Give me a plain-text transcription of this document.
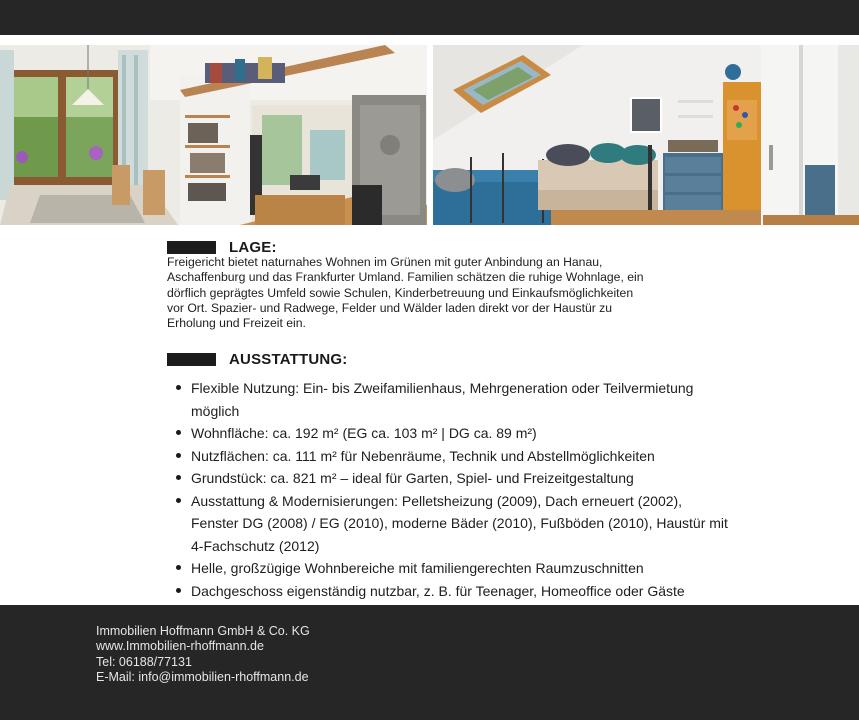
LAGE:
Freigericht bietet naturnahes Wohnen im Grünen mit guter Anbindung an Hanau, Aschaffenburg und das Frankfurter Umland. Familien schätzen die ruhige Wohnlage, ein dörflich geprägtes Umfeld sowie Schulen, Kinderbetreuung und Einkaufsmöglichkeiten vor Ort. Spazier- und Radwege, Felder und Wälder laden direkt vor der Haustür zu Erholung und Freizeit ein.
AUSSTATTUNG:
Flexible Nutzung: Ein- bis Zweifamilienhaus, Mehrgeneration oder Teilvermietung möglich
Wohnfläche: ca. 192 m² (EG ca. 103 m² | DG ca. 89 m²)
Nutzflächen: ca. 111 m² für Nebenräume, Technik und Abstellmöglichkeiten
Grundstück: ca. 821 m² – ideal für Garten, Spiel- und Freizeitgestaltung
Ausstattung & Modernisierungen: Pelletsheizung (2009), Dach erneuert (2002), Fenster DG (2008) / EG (2010), moderne Bäder (2010), Fußböden (2010), Haustür mit 4-Fachschutz (2012)
Helle, großzügige Wohnbereiche mit familiengerechten Raumzuschnitten
Dachgeschoss eigenständig nutzbar, z. B. für Teenager, Homeoffice oder Gäste
Immobilien Hoffmann GmbH & Co. KG
www.Immobilien-rhoffmann.de
Tel: 06188/77131
E-Mail: info@immobilien-rhoffmann.de
